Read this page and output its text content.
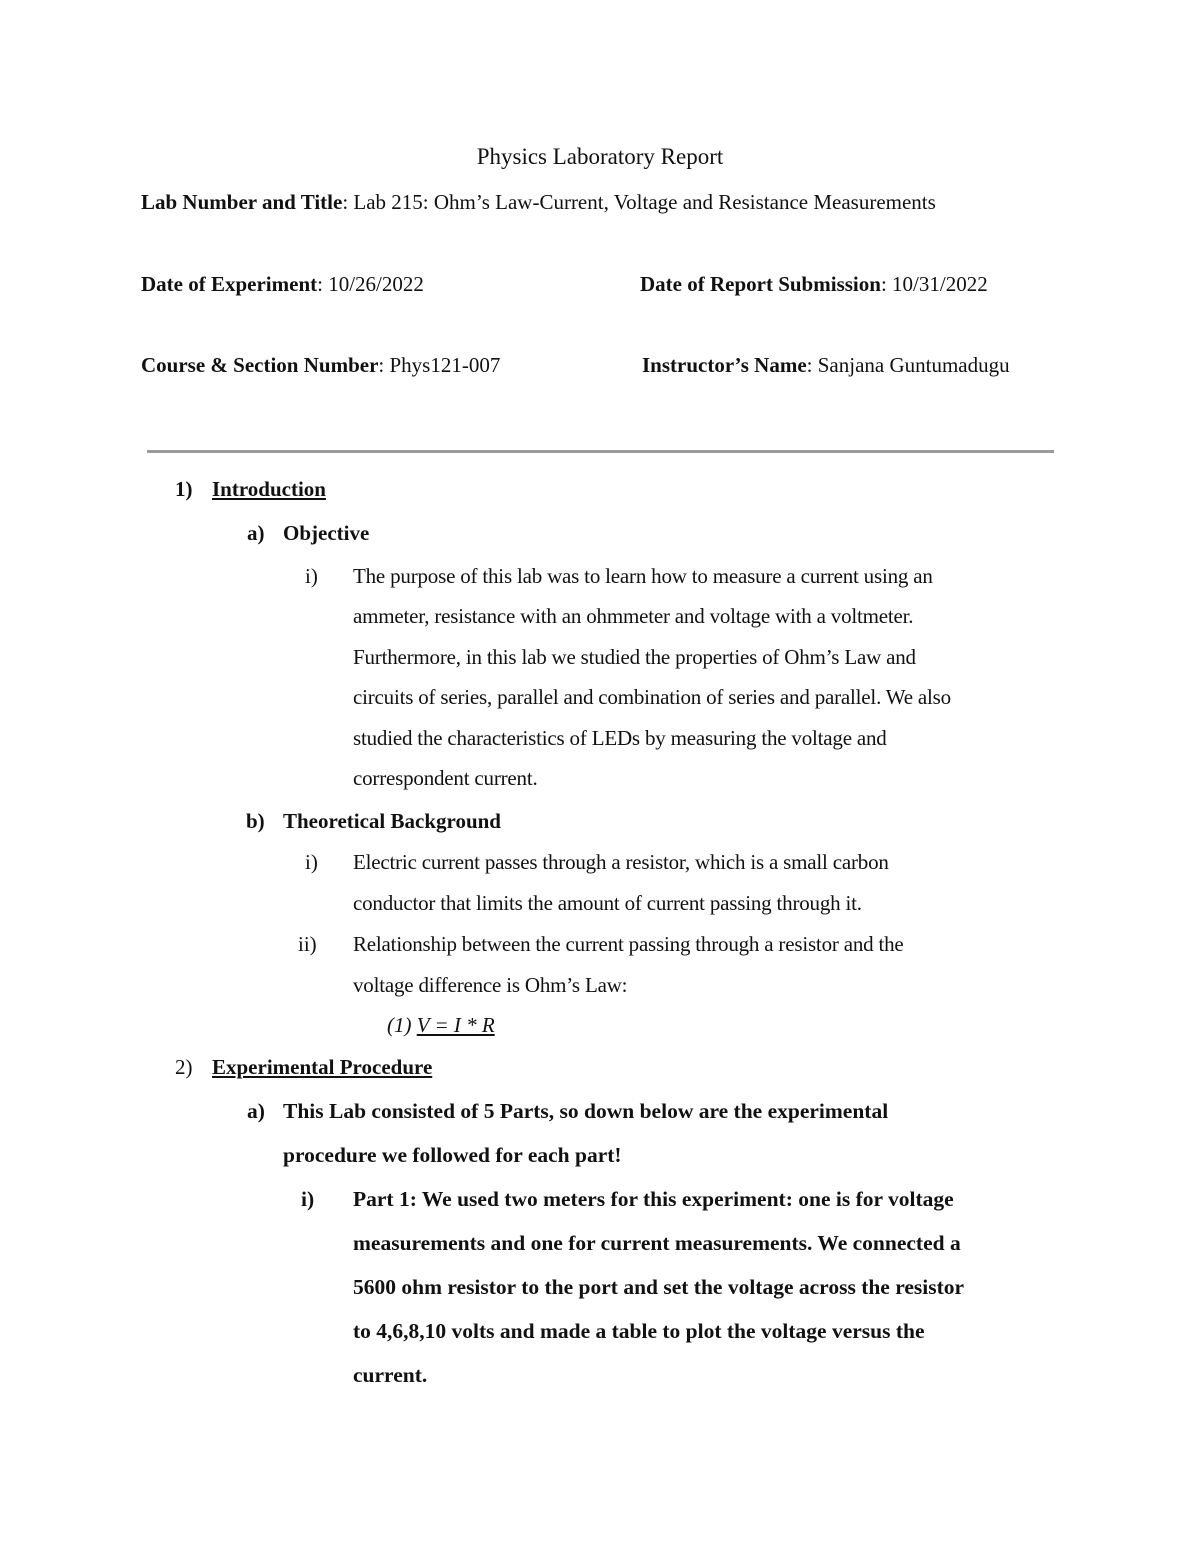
Physics Laboratory Report
Lab Number and Title: Lab 215: Ohm’s Law-Current, Voltage and Resistance Measurements
Date of Experiment: 10/26/2022	Date of Report Submission: 10/31/2022
Course & Section Number: Phys121-007	Instructor’s Name: Sanjana Guntumadugu
1) Introduction
a) Objective
i) The purpose of this lab was to learn how to measure a current using an
ammeter, resistance with an ohmmeter and voltage with a voltmeter.
Furthermore, in this lab we studied the properties of Ohm’s Law and
circuits of series, parallel and combination of series and parallel. We also
studied the characteristics of LEDs by measuring the voltage and
correspondent current.
b) Theoretical Background
i) Electric current passes through a resistor, which is a small carbon
conductor that limits the amount of current passing through it.
ii) Relationship between the current passing through a resistor and the
voltage difference is Ohm’s Law:
(1) V = I * R
2) Experimental Procedure
a) This Lab consisted of 5 Parts, so down below are the experimental
procedure we followed for each part!
i) Part 1: We used two meters for this experiment: one is for voltage
measurements and one for current measurements. We connected a
5600 ohm resistor to the port and set the voltage across the resistor
to 4,6,8,10 volts and made a table to plot the voltage versus the
current.
